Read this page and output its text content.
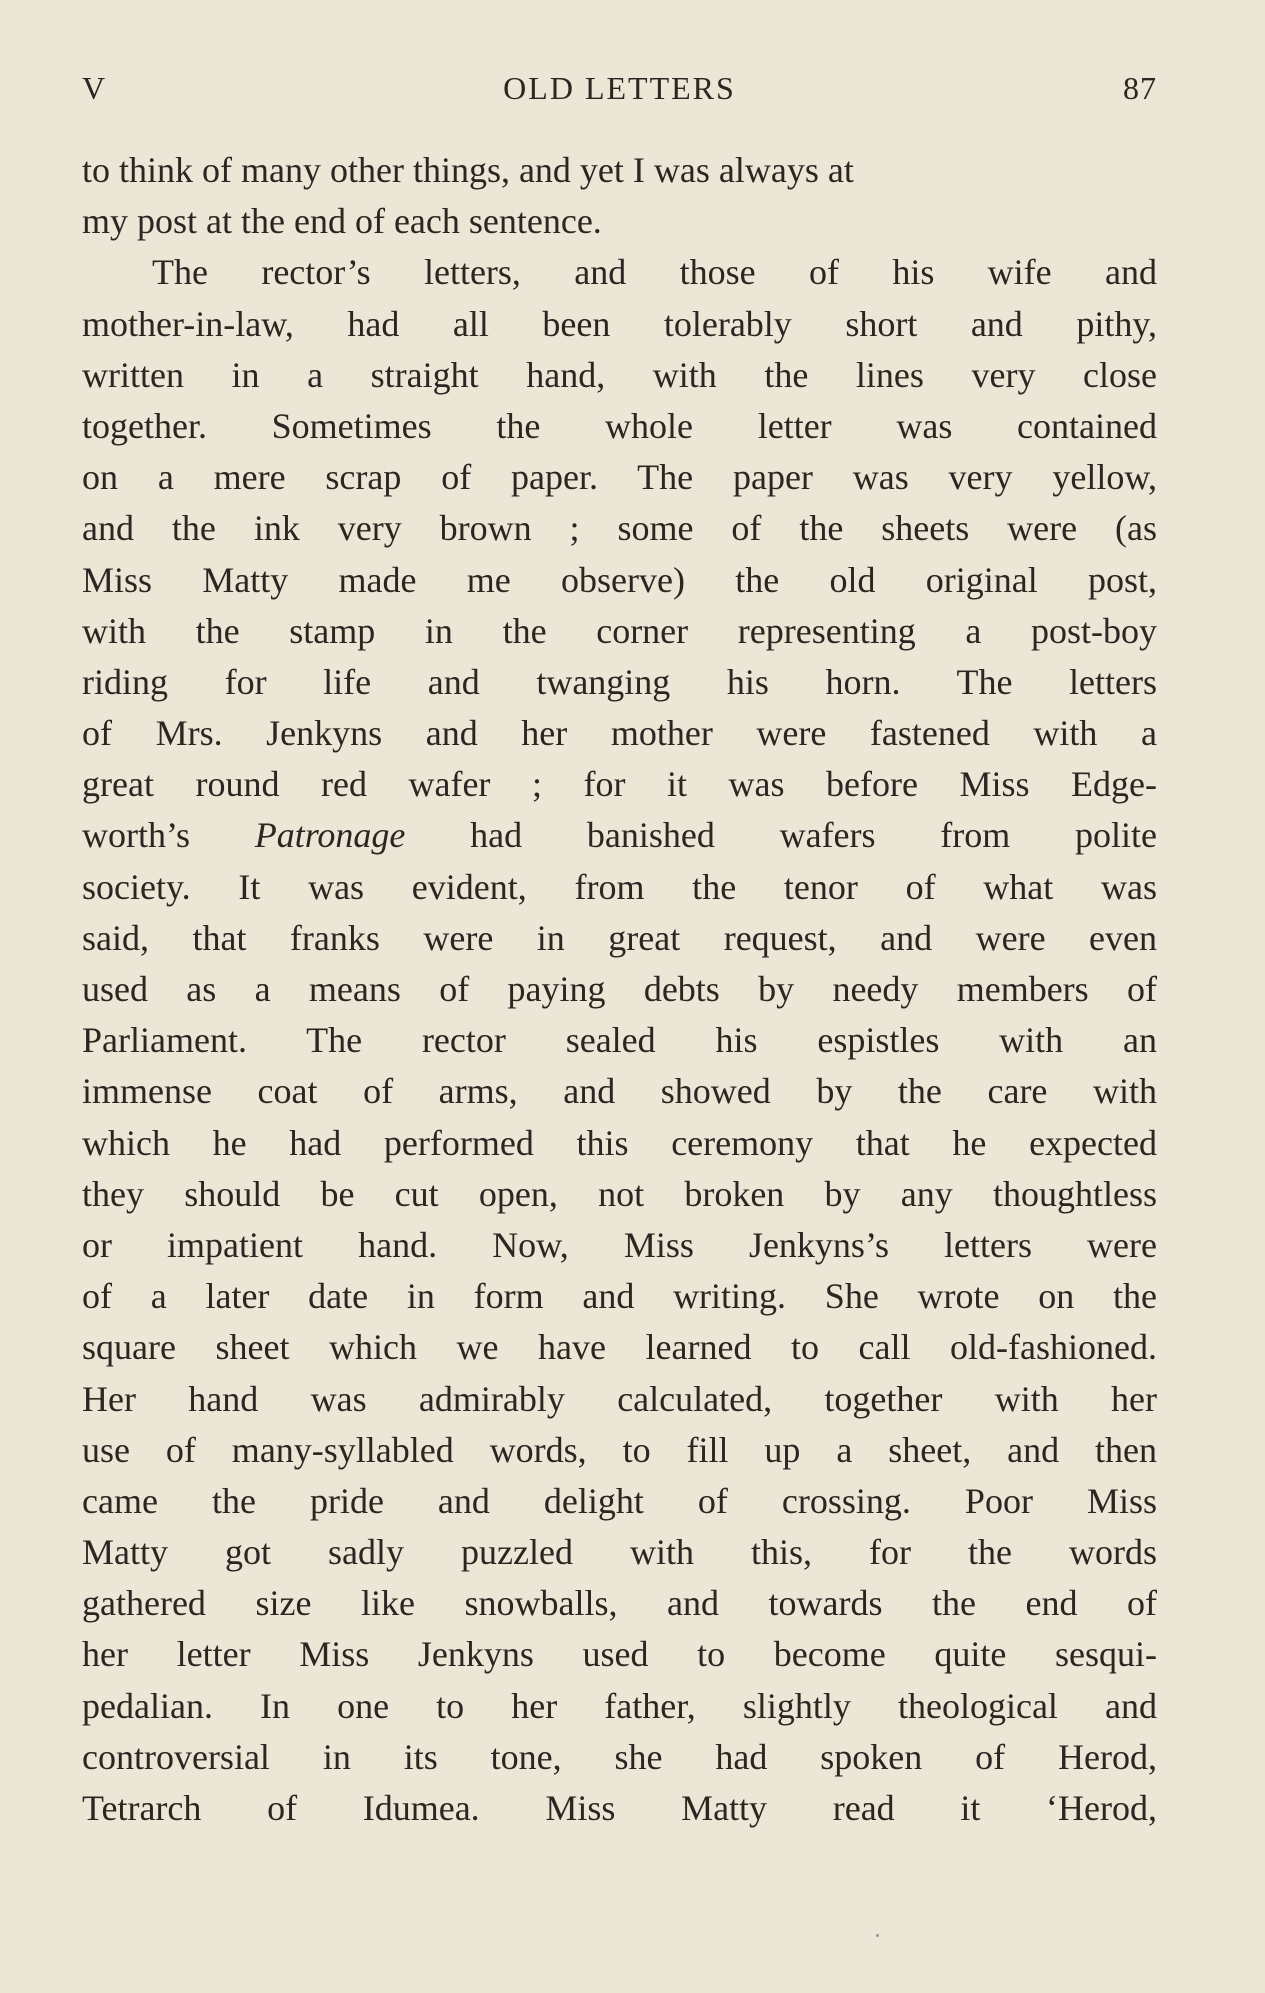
V	OLD LETTERS	87
to think of many other things, and yet I was always at
my post at the end of each sentence.
The rector’s letters, and those of his wife and
mother-in-law, had all been tolerably short and pithy,
written in a straight hand, with the lines very close
together. Sometimes the whole letter was contained
on a mere scrap of paper. The paper was very yellow,
and the ink very brown ; some of the sheets were (as
Miss Matty made me observe) the old original post,
with the stamp in the corner representing a post-boy
riding for life and twanging his horn. The letters
of Mrs. Jenkyns and her mother were fastened with a
great round red wafer ; for it was before Miss Edge-
worth’s Patronage had banished wafers from polite
society. It was evident, from the tenor of what was
said, that franks were in great request, and were even
used as a means of paying debts by needy members of
Parliament. The rector sealed his espistles with an
immense coat of arms, and showed by the care with
which he had performed this ceremony that he expected
they should be cut open, not broken by any thoughtless
or impatient hand. Now, Miss Jenkyns’s letters were
of a later date in form and writing. She wrote on the
square sheet which we have learned to call old-fashioned.
Her hand was admirably calculated, together with her
use of many-syllabled words, to fill up a sheet, and then
came the pride and delight of crossing. Poor Miss
Matty got sadly puzzled with this, for the words
gathered size like snowballs, and towards the end of
her letter Miss Jenkyns used to become quite sesqui-
pedalian. In one to her father, slightly theological and
controversial in its tone, she had spoken of Herod,
Tetrarch of Idumea. Miss Matty read it ‘Herod,
